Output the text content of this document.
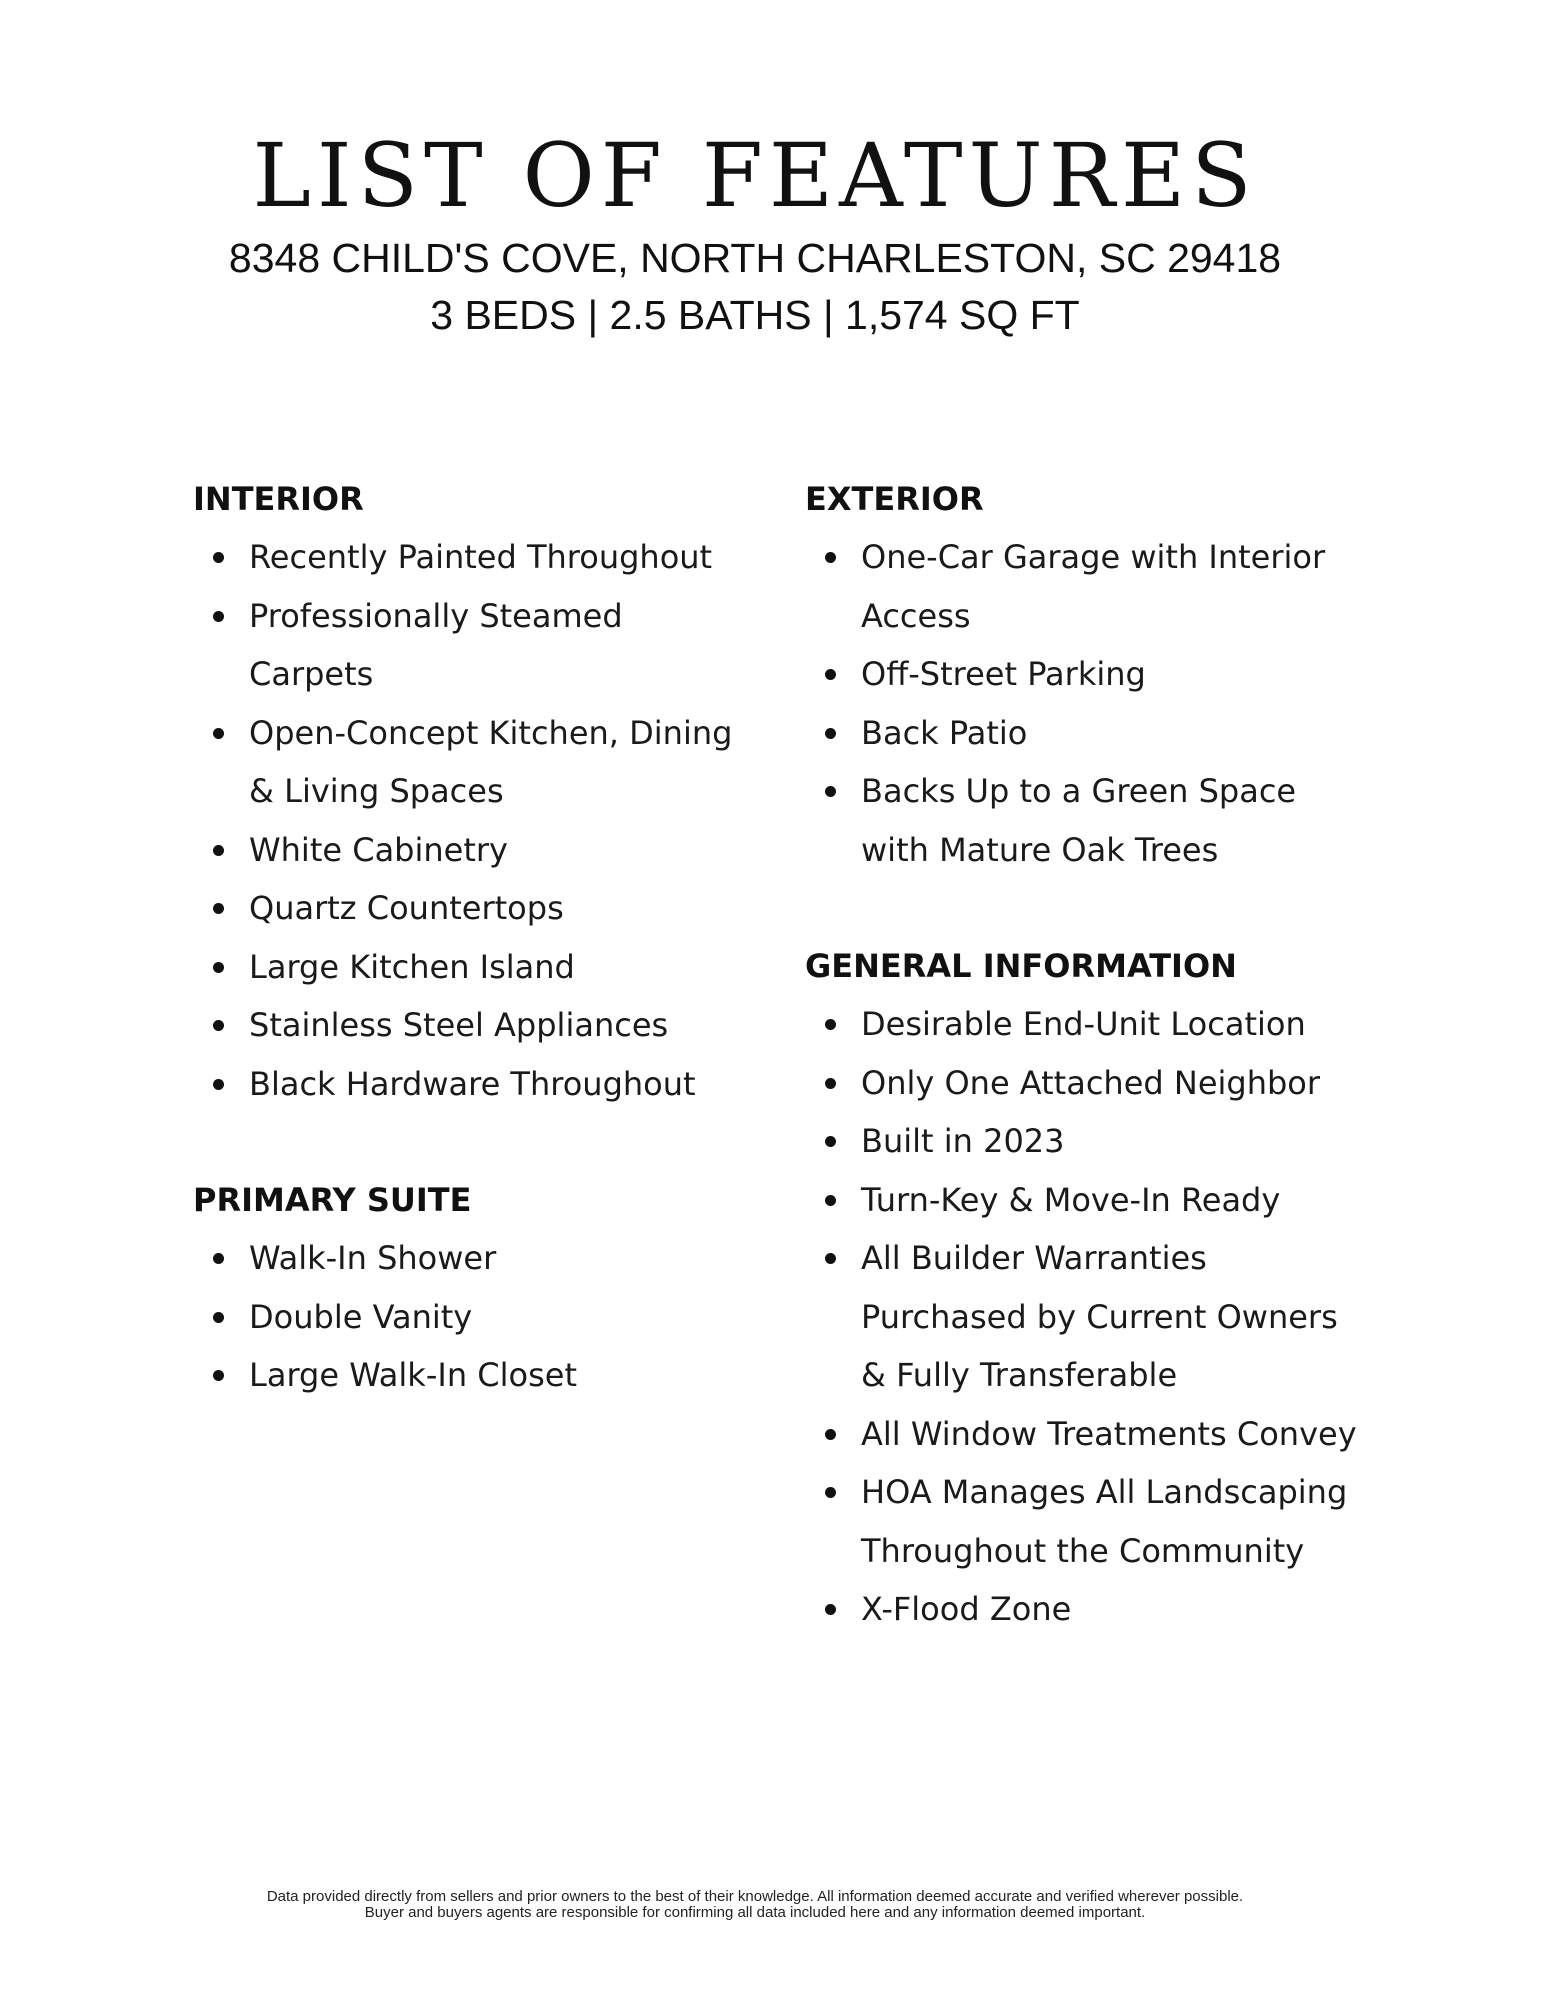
LIST OF FEATURES
8348 CHILD'S COVE, NORTH CHARLESTON, SC 29418
3 BEDS | 2.5 BATHS | 1,574 SQ FT
INTERIOR
Recently Painted Throughout
Professionally Steamed Carpets
Open-Concept Kitchen, Dining & Living Spaces
White Cabinetry
Quartz Countertops
Large Kitchen Island
Stainless Steel Appliances
Black Hardware Throughout
PRIMARY SUITE
Walk-In Shower
Double Vanity
Large Walk-In Closet
EXTERIOR
One-Car Garage with Interior Access
Off-Street Parking
Back Patio
Backs Up to a Green Space with Mature Oak Trees
GENERAL INFORMATION
Desirable End-Unit Location
Only One Attached Neighbor
Built in 2023
Turn-Key & Move-In Ready
All Builder Warranties Purchased by Current Owners & Fully Transferable
All Window Treatments Convey
HOA Manages All Landscaping Throughout the Community
X-Flood Zone
Data provided directly from sellers and prior owners to the best of their knowledge. All information deemed accurate and verified wherever possible.
Buyer and buyers agents are responsible for confirming all data included here and any information deemed important.
